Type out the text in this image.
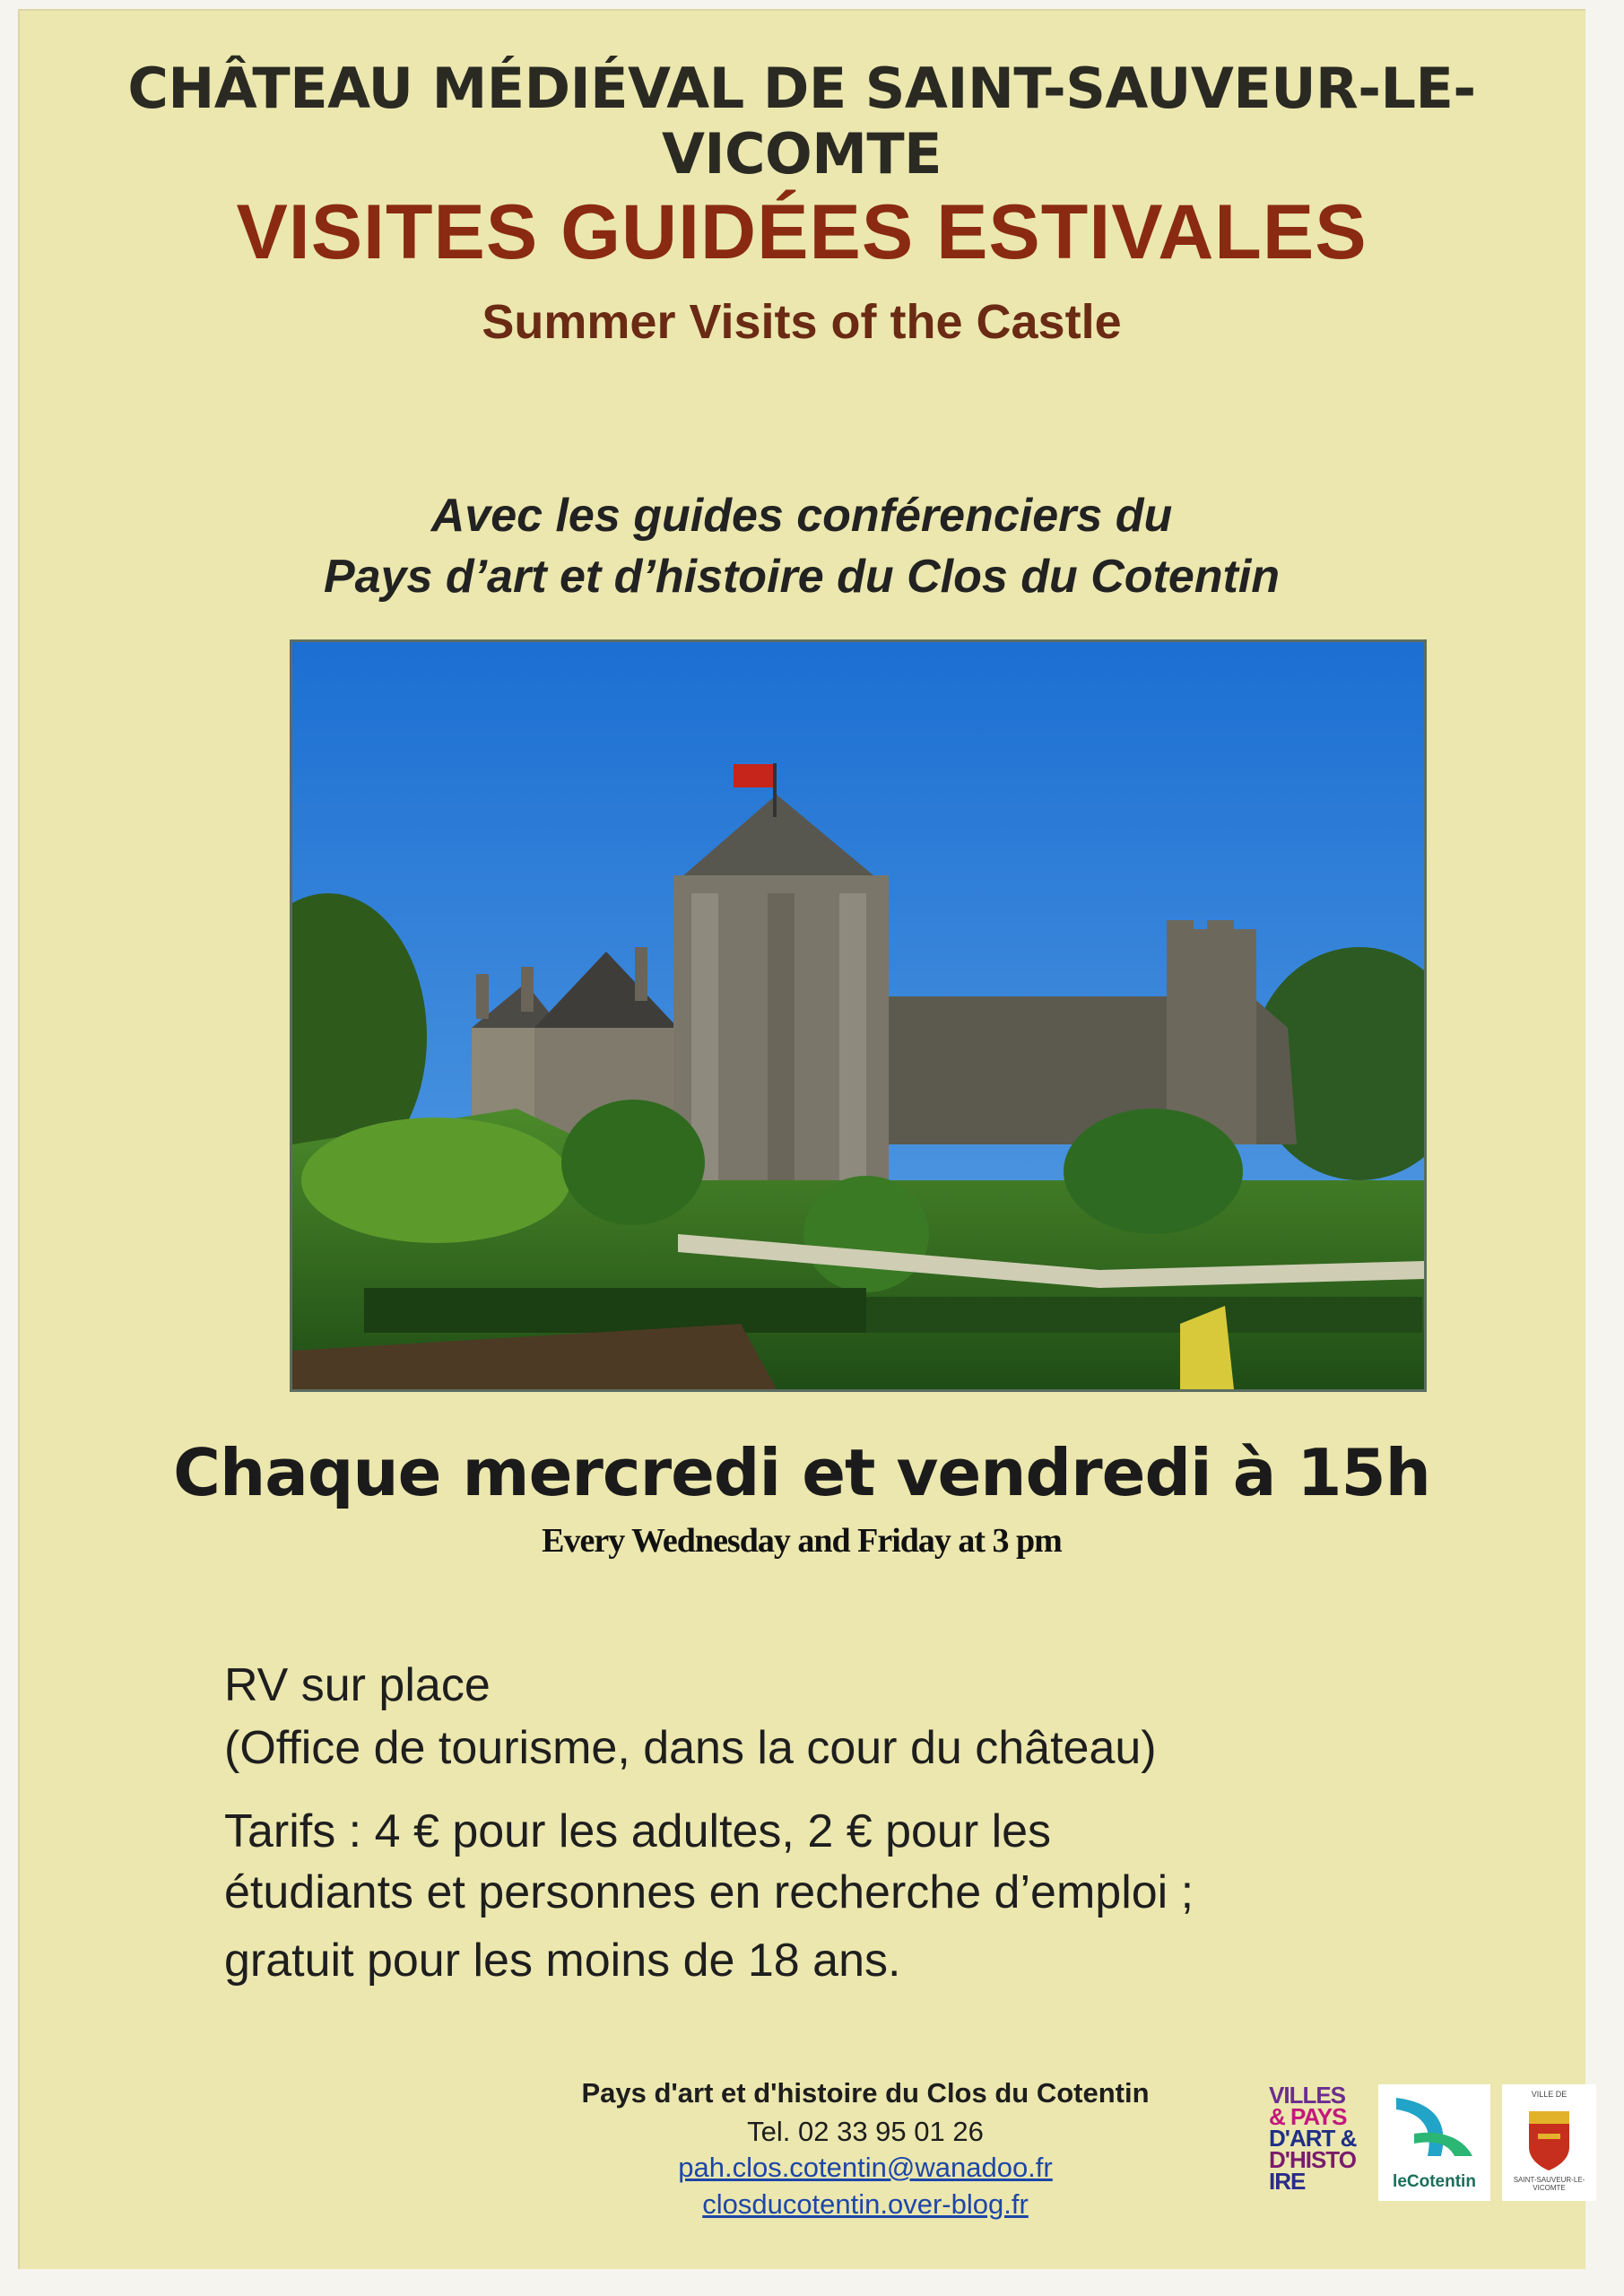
CHÂTEAU MÉDIÉVAL DE SAINT-SAUVEUR-LE-VICOMTE
VISITES GUIDÉES ESTIVALES
Summer Visits of the Castle
Avec les guides conférenciers du
Pays d’art et d’histoire du Clos du Cotentin
Chaque mercredi et vendredi à 15h
Every Wednesday and Friday at 3 pm
RV sur place
(Office de tourisme, dans la cour du château)
Tarifs : 4 € pour les adultes, 2 € pour les
étudiants et personnes en recherche d’emploi ;
gratuit pour les moins de 18 ans.
Pays d'art et d'histoire du Clos du Cotentin
Tel. 02 33 95 01 26
pah.clos.cotentin@wanadoo.fr
closducotentin.over-blog.fr
VILLES
& PAYS
D'ART &
D'HISTO
IRE	leCotentin
VILLE DE
SAINT-SAUVEUR-LE-VICOMTE
